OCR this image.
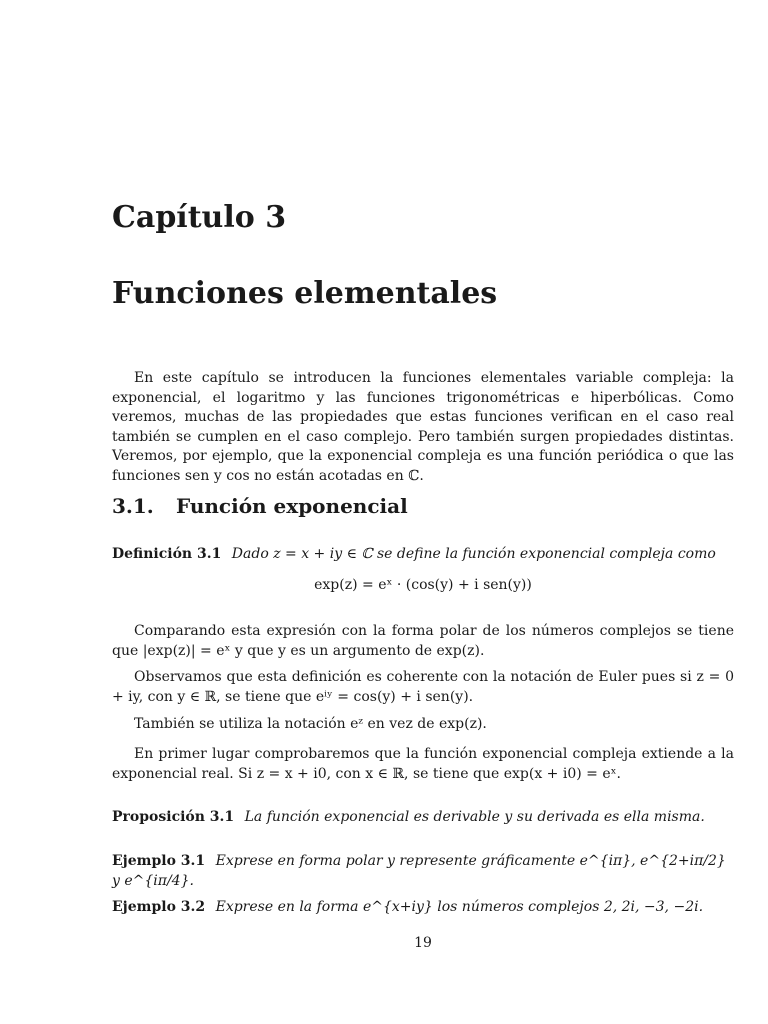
Capítulo 3
Funciones elementales

En este capítulo se introducen la funciones elementales variable compleja: la exponencial, el logaritmo y las funciones trigonométricas e hiperbólicas. Como veremos, muchas de las propiedades que estas funciones verifican en el caso real también se cumplen en el caso complejo. Pero también surgen propiedades distintas. Veremos, por ejemplo, que la exponencial compleja es una función periódica o que las funciones sen y cos no están acotadas en ℂ.

3.1. Función exponencial
Definición 3.1 Dado z = x + iy ∈ ℂ se define la función exponencial compleja como
exp(z) = eˣ · (cos(y) + i sen(y))

Comparando esta expresión con la forma polar de los números complejos se tiene que |exp(z)| = eˣ y que y es un argumento de exp(z).

Observamos que esta definición es coherente con la notación de Euler pues si z = 0 + iy, con y ∈ ℝ, se tiene que eⁱʸ = cos(y) + i sen(y).

También se utiliza la notación eᶻ en vez de exp(z).

En primer lugar comprobaremos que la función exponencial compleja extiende a la exponencial real. Si z = x + i0, con x ∈ ℝ, se tiene que exp(x + i0) = eˣ.

Proposición 3.1 La función exponencial es derivable y su derivada es ella misma.
Ejemplo 3.1 Exprese en forma polar y represente gráficamente e^{iπ}, e^{2+iπ/2} y e^{iπ/4}.
Ejemplo 3.2 Exprese en la forma e^{x+iy} los números complejos 2, 2i, −3, −2i.
19
